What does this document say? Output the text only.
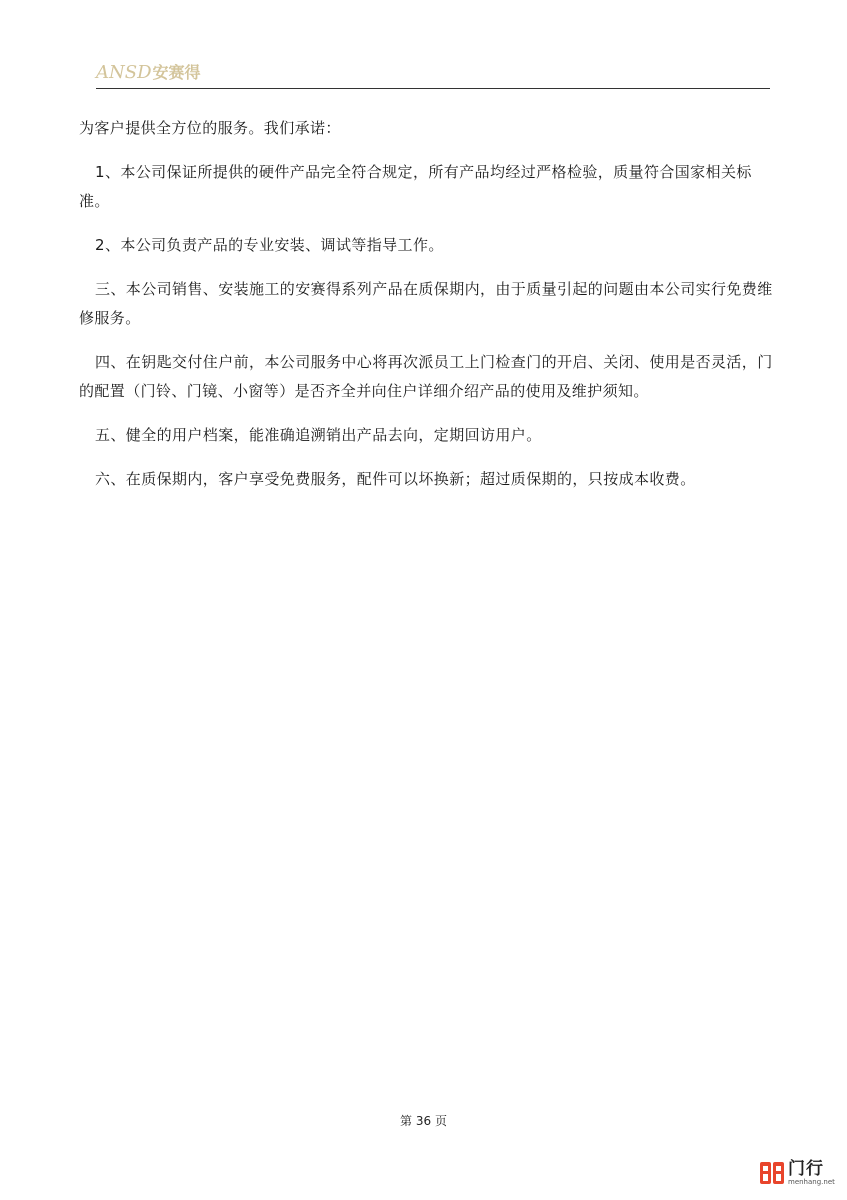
ANSD 安赛得

为客户提供全方位的服务。我们承诺：

1、本公司保证所提供的硬件产品完全符合规定，所有产品均经过严格检验，质量符合国家相关标准。

2、本公司负责产品的专业安装、调试等指导工作。

三、本公司销售、安装施工的安赛得系列产品在质保期内，由于质量引起的问题由本公司实行免费维修服务。

四、在钥匙交付住户前，本公司服务中心将再次派员工上门检查门的开启、关闭、使用是否灵活，门的配置（门铃、门镜、小窗等）是否齐全并向住户详细介绍产品的使用及维护须知。

五、健全的用户档案，能准确追溯销出产品去向，定期回访用户。

六、在质保期内，客户享受免费服务，配件可以坏换新；超过质保期的，只按成本收费。

第 36 页
门行
menhang.net
